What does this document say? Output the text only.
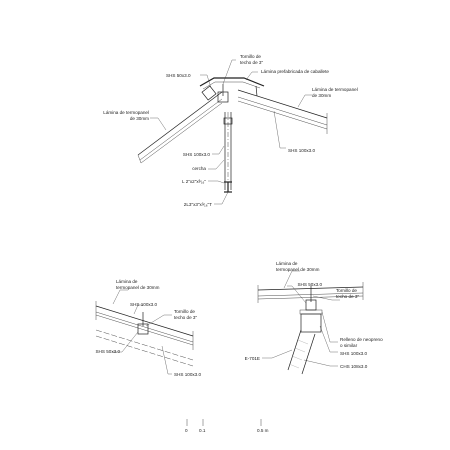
Tornillo de techo de 3"
Lámina prefabricada de caballete
SHS 50x3.0
Lámina de termopanel de 30mm
Lámina de termopanel de 30mm
SHS 100x3.0
SHS 100x3.0
cercha
L 2"x2"x³⁄₁₆"
2L3"x3"x³⁄₁₆"T
Lámina de termopanel de 30mm
SHS 100x3.0
Tornillo de techo de 3"
SHS 50x3.0
SHS 100x3.0
Lámina de termopanel de 30mm
SHS 50x3.0
Tornillo de techo de 3"
Relleno de neopreno o similar
SHS 100x3.0
E-701E
CHS 108x3.0
0 0.1	0.5 m
